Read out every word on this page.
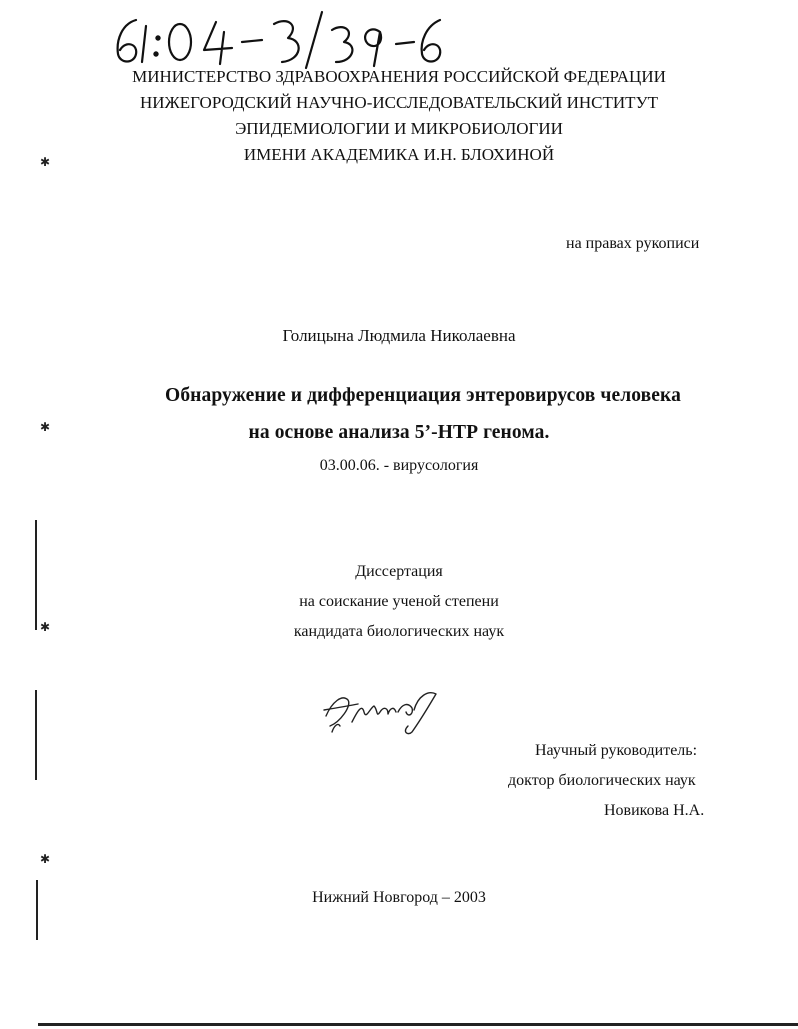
МИНИСТЕРСТВО ЗДРАВООХРАНЕНИЯ РОССИЙСКОЙ ФЕДЕРАЦИИ
НИЖЕГОРОДСКИЙ НАУЧНО-ИССЛЕДОВАТЕЛЬСКИЙ ИНСТИТУТ
ЭПИДЕМИОЛОГИИ И МИКРОБИОЛОГИИ
ИМЕНИ АКАДЕМИКА И.Н. БЛОХИНОЙ
на правах рукописи
Голицына Людмила Николаевна
Обнаружение и дифференциация энтеровирусов человека
на основе анализа 5’-НТР генома.
03.00.06. - вирусология
Диссертация
на соискание ученой степени
кандидата биологических наук
Научный руководитель:
доктор биологических наук
Новикова Н.А.
Нижний Новгород – 2003
✱
✱
✱
✱
